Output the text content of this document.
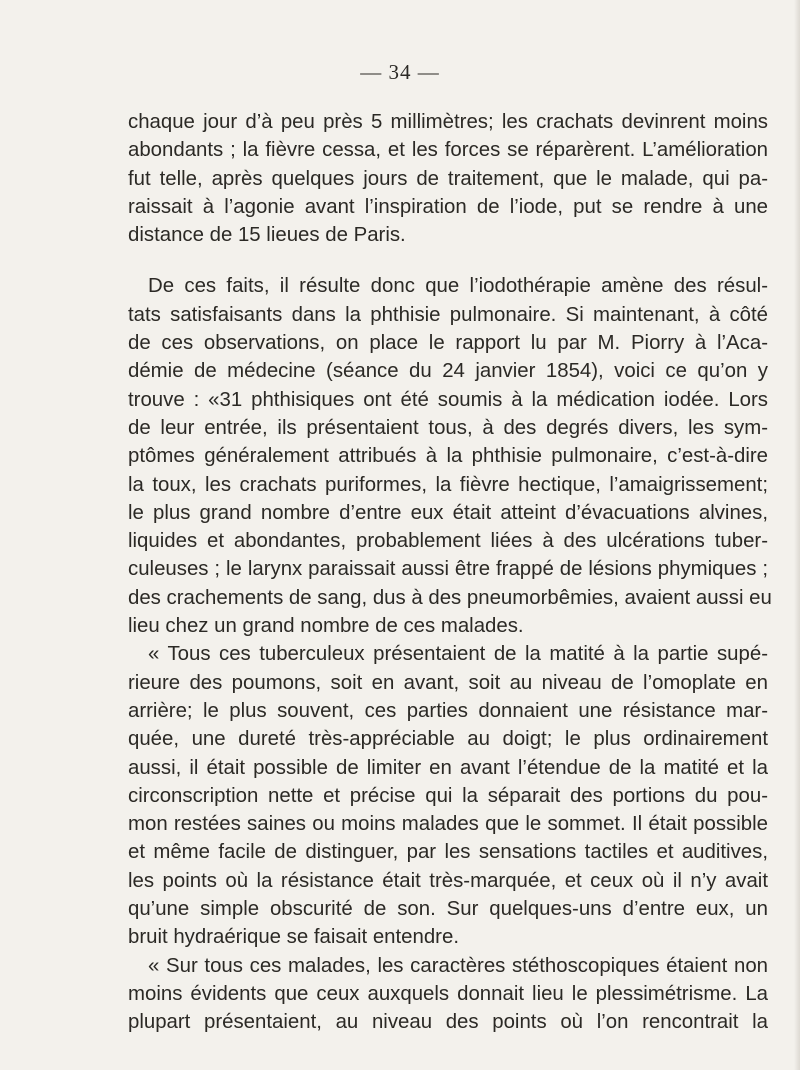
— 34 —
chaque jour d’à peu près 5 millimètres; les crachats devinrent moins
abondants ; la fièvre cessa, et les forces se réparèrent. L’amélioration
fut telle, après quelques jours de traitement, que le malade, qui pa-
raissait à l’agonie avant l’inspiration de l’iode, put se rendre à une
distance de 15 lieues de Paris.
De ces faits, il résulte donc que l’iodothérapie amène des résul-
tats satisfaisants dans la phthisie pulmonaire. Si maintenant, à côté
de ces observations, on place le rapport lu par M. Piorry à l’Aca-
démie de médecine (séance du 24 janvier 1854), voici ce qu’on y
trouve : «31 phthisiques ont été soumis à la médication iodée. Lors
de leur entrée, ils présentaient tous, à des degrés divers, les sym-
ptômes généralement attribués à la phthisie pulmonaire, c’est-à-dire
la toux, les crachats puriformes, la fièvre hectique, l’amaigrissement;
le plus grand nombre d’entre eux était atteint d’évacuations alvines,
liquides et abondantes, probablement liées à des ulcérations tuber-
culeuses ; le larynx paraissait aussi être frappé de lésions phymiques ;
des crachements de sang, dus à des pneumorbêmies, avaient aussi eu
lieu chez un grand nombre de ces malades.
« Tous ces tuberculeux présentaient de la matité à la partie supé-
rieure des poumons, soit en avant, soit au niveau de l’omoplate en
arrière; le plus souvent, ces parties donnaient une résistance mar-
quée, une dureté très-appréciable au doigt; le plus ordinairement
aussi, il était possible de limiter en avant l’étendue de la matité et la
circonscription nette et précise qui la séparait des portions du pou-
mon restées saines ou moins malades que le sommet. Il était possible
et même facile de distinguer, par les sensations tactiles et auditives,
les points où la résistance était très-marquée, et ceux où il n’y avait
qu’une simple obscurité de son. Sur quelques-uns d’entre eux, un
bruit hydraérique se faisait entendre.
« Sur tous ces malades, les caractères stéthoscopiques étaient non
moins évidents que ceux auxquels donnait lieu le plessimétrisme. La
plupart présentaient, au niveau des points où l’on rencontrait la
